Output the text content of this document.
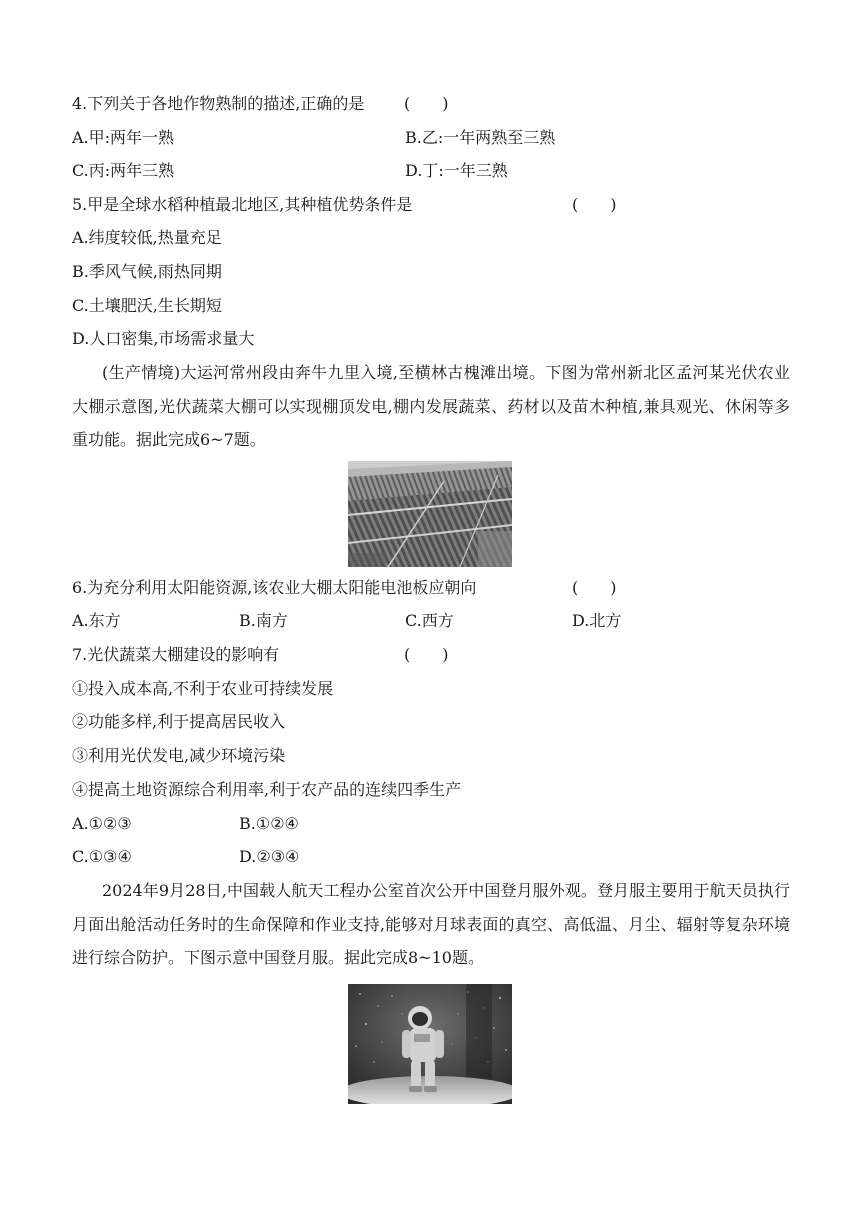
4.下列关于各地作物熟制的描述,正确的是 (　　)
A.甲:两年一熟	B.乙:一年两熟至三熟
C.丙:两年三熟	D.丁:一年三熟
5.甲是全球水稻种植最北地区,其种植优势条件是	(　　)
A.纬度较低,热量充足
B.季风气候,雨热同期
C.土壤肥沃,生长期短
D.人口密集,市场需求量大
(生产情境)大运河常州段由奔牛九里入境,至横林古槐滩出境。下图为常州新北区孟河某光伏农业大棚示意图,光伏蔬菜大棚可以实现棚顶发电,棚内发展蔬菜、药材以及苗木种植,兼具观光、休闲等多重功能。据此完成6~7题。
6.为充分利用太阳能资源,该农业大棚太阳能电池板应朝向	(　　)
A.东方	B.南方	C.西方	D.北方
7.光伏蔬菜大棚建设的影响有	(　　)
①投入成本高,不利于农业可持续发展
②功能多样,利于提高居民收入
③利用光伏发电,减少环境污染
④提高土地资源综合利用率,利于农产品的连续四季生产
A.①②③	B.①②④
C.①③④	D.②③④
2024年9月28日,中国载人航天工程办公室首次公开中国登月服外观。登月服主要用于航天员执行月面出舱活动任务时的生命保障和作业支持,能够对月球表面的真空、高低温、月尘、辐射等复杂环境进行综合防护。下图示意中国登月服。据此完成8~10题。
